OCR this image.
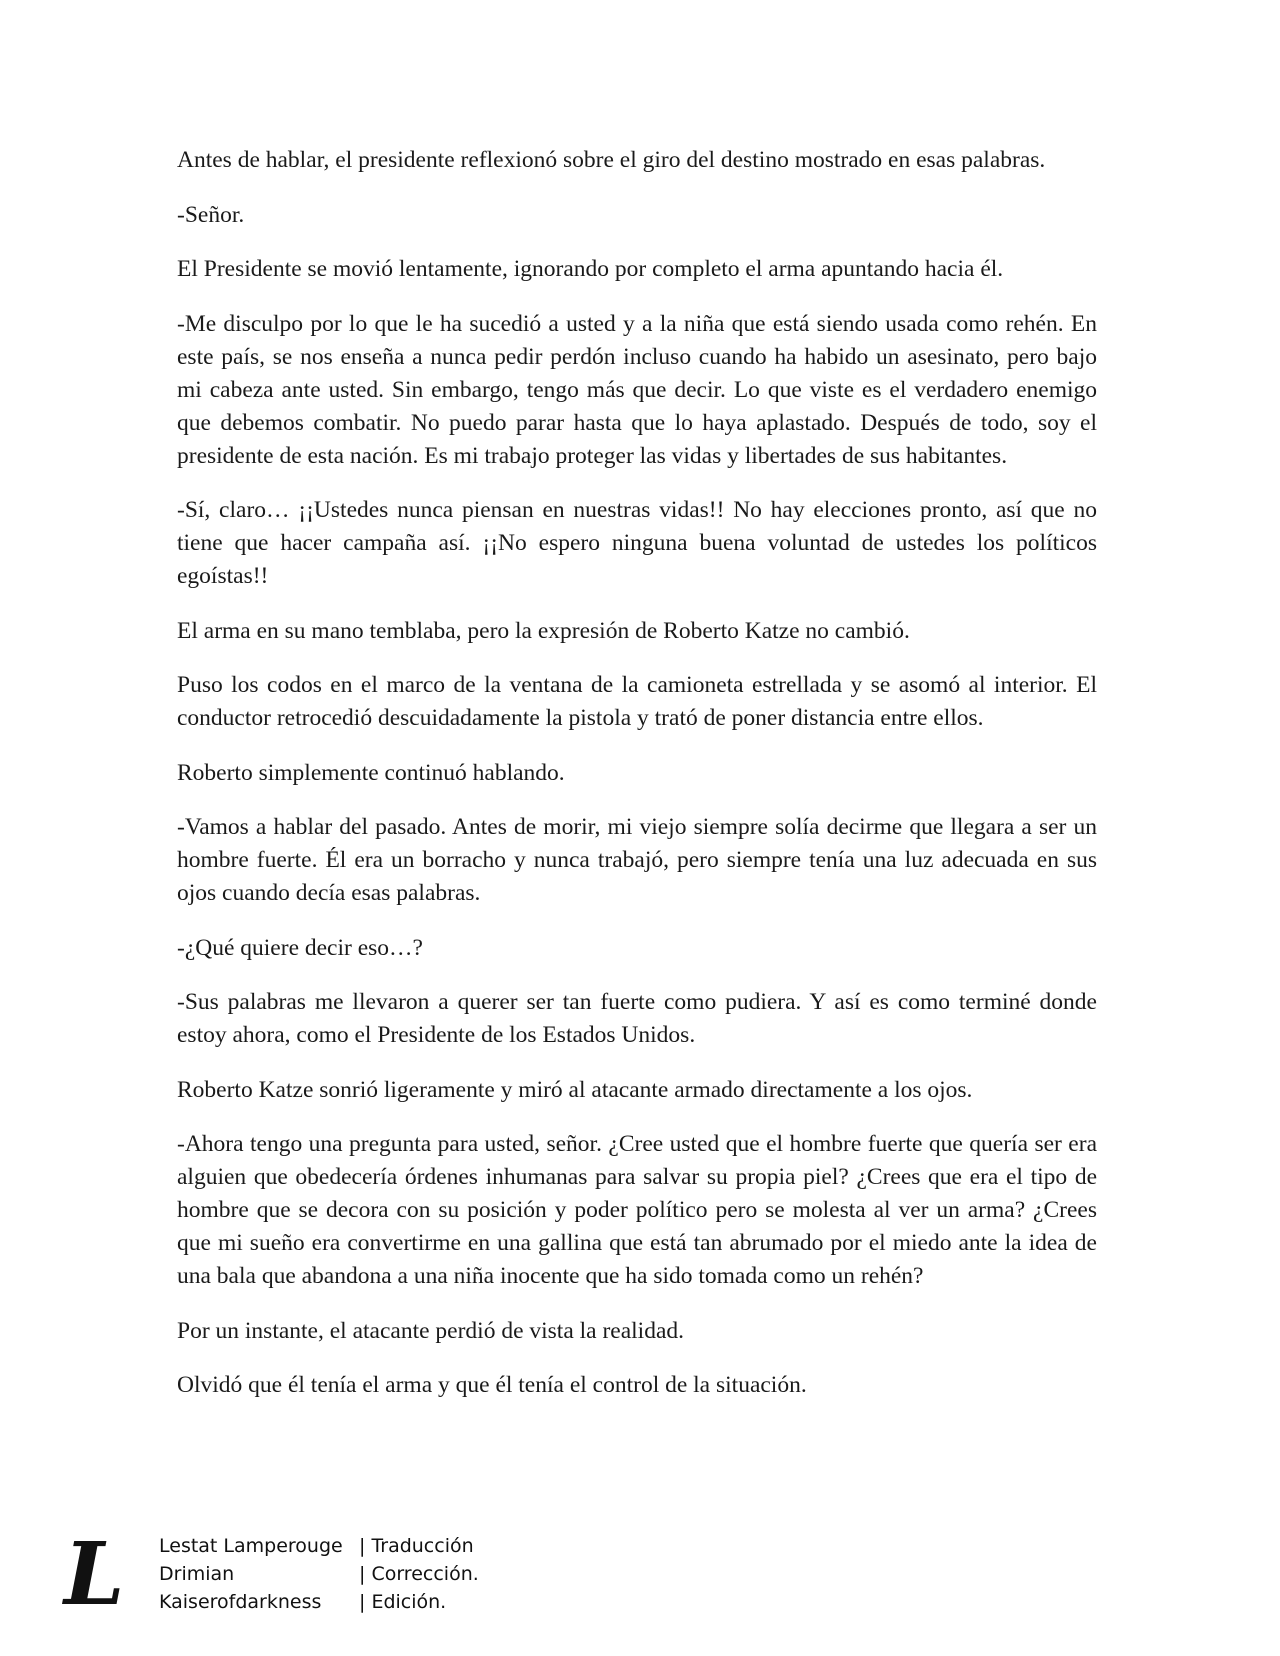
Antes de hablar, el presidente reflexionó sobre el giro del destino mostrado en esas palabras.

-Señor.

El Presidente se movió lentamente, ignorando por completo el arma apuntando hacia él.

-Me disculpo por lo que le ha sucedió a usted y a la niña que está siendo usada como rehén. En este país, se nos enseña a nunca pedir perdón incluso cuando ha habido un asesinato, pero bajo mi cabeza ante usted. Sin embargo, tengo más que decir. Lo que viste es el verdadero enemigo que debemos combatir. No puedo parar hasta que lo haya aplastado. Después de todo, soy el presidente de esta nación. Es mi trabajo proteger las vidas y libertades de sus habitantes.

-Sí, claro… ¡¡Ustedes nunca piensan en nuestras vidas!! No hay elecciones pronto, así que no tiene que hacer campaña así. ¡¡No espero ninguna buena voluntad de ustedes los políticos egoístas!!

El arma en su mano temblaba, pero la expresión de Roberto Katze no cambió.

Puso los codos en el marco de la ventana de la camioneta estrellada y se asomó al interior. El conductor retrocedió descuidadamente la pistola y trató de poner distancia entre ellos.

Roberto simplemente continuó hablando.

-Vamos a hablar del pasado. Antes de morir, mi viejo siempre solía decirme que llegara a ser un hombre fuerte. Él era un borracho y nunca trabajó, pero siempre tenía una luz adecuada en sus ojos cuando decía esas palabras.

-¿Qué quiere decir eso…?

-Sus palabras me llevaron a querer ser tan fuerte como pudiera. Y así es como terminé donde estoy ahora, como el Presidente de los Estados Unidos.

Roberto Katze sonrió ligeramente y miró al atacante armado directamente a los ojos.

-Ahora tengo una pregunta para usted, señor. ¿Cree usted que el hombre fuerte que quería ser era alguien que obedecería órdenes inhumanas para salvar su propia piel? ¿Crees que era el tipo de hombre que se decora con su posición y poder político pero se molesta al ver un arma? ¿Crees que mi sueño era convertirme en una gallina que está tan abrumado por el miedo ante la idea de una bala que abandona a una niña inocente que ha sido tomada como un rehén?

Por un instante, el atacante perdió de vista la realidad.

Olvidó que él tenía el arma y que él tenía el control de la situación.

L	Lestat Lamperouge | Traducción
Drimian	| Corrección.
Kaiserofdarkness	| Edición.
